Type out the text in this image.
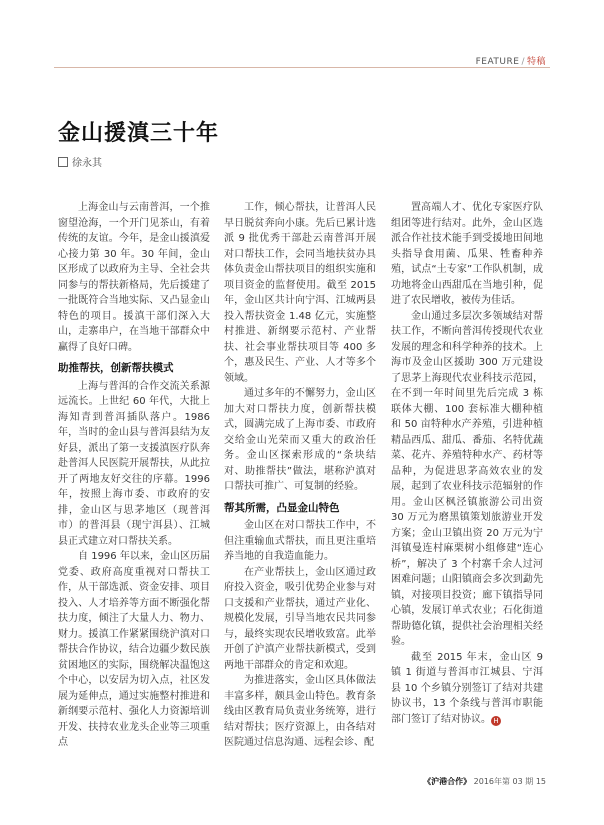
FEATURE / 特稿
金山援滇三十年
徐永其

上海金山与云南普洱，一个推窗望沧海，一个开门见茶山，有着传统的友谊。今年，是金山援滇爱心接力第 30 年。30 年间，金山区形成了以政府为主导、全社会共同参与的帮扶新格局，先后援建了一批既符合当地实际、又凸显金山特色的项目。援滇干部们深入大山，走寨串户，在当地干部群众中赢得了良好口碑。

助推帮扶，创新帮扶模式

上海与普洱的合作交流关系源远流长。上世纪 60 年代，大批上海知青到普洱插队落户。1986 年，当时的金山县与普洱县结为友好县，派出了第一支援滇医疗队奔赴普洱人民医院开展帮扶，从此拉开了两地友好交往的序幕。1996 年，按照上海市委、市政府的安排，金山区与思茅地区（现普洱市）的普洱县（现宁洱县）、江城县正式建立对口帮扶关系。

自 1996 年以来，金山区历届党委、政府高度重视对口帮扶工作，从干部选派、资金安排、项目投入、人才培养等方面不断强化帮扶力度，倾注了大量人力、物力、财力。援滇工作紧紧围绕沪滇对口帮扶合作协议，结合边疆少数民族贫困地区的实际，围绕解决温饱这个中心，以安居为切入点，社区发展为延伸点，通过实施整村推进和新纲要示范村、强化人力资源培训开发、扶持农业龙头企业等三项重点

工作，倾心帮扶，让普洱人民早日脱贫奔向小康。先后已累计选派 9 批优秀干部赴云南普洱开展对口帮扶工作，会同当地扶贫办具体负责金山帮扶项目的组织实施和项目资金的监督使用。截至 2015 年，金山区共计向宁洱、江城两县投入帮扶资金 1.48 亿元，实施整村推进、新纲要示范村、产业帮扶、社会事业帮扶项目等 400 多个，惠及民生、产业、人才等多个领域。

通过多年的不懈努力，金山区加大对口帮扶力度，创新帮扶模式，圆满完成了上海市委、市政府交给金山光荣而又重大的政治任务。金山区探索形成的“条块结对、助推帮扶”做法，堪称沪滇对口帮扶可推广、可复制的经验。

帮其所需，凸显金山特色

金山区在对口帮扶工作中，不但注重输血式帮扶，而且更注重培养当地的自我造血能力。

在产业帮扶上，金山区通过政府投入资金，吸引优势企业参与对口支援和产业帮扶，通过产业化、规模化发展，引导当地农民共同参与，最终实现农民增收致富。此举开创了沪滇产业帮扶新模式，受到两地干部群众的肯定和欢迎。

为推进落实，金山区具体做法丰富多样，颇具金山特色。教育条线由区教育局负责业务统筹，进行结对帮扶；医疗资源上，由各结对医院通过信息沟通、远程会诊、配

置高端人才、优化专家医疗队组团等进行结对。此外，金山区选派合作社技术能手到受援地田间地头指导食用菌、瓜果、牲畜种养殖，试点“土专家”工作队机制，成功地将金山西甜瓜在当地引种，促进了农民增收，被传为佳话。

金山通过多层次多领域结对帮扶工作，不断向普洱传授现代农业发展的理念和科学种养的技术。上海市及金山区援助 300 万元建设了思茅上海现代农业科技示范园，在不到一年时间里先后完成 3 栋联体大棚、100 套标准大棚种植和 50 亩特种水产养殖，引进种植精品西瓜、甜瓜、番茄、名特优蔬菜、花卉、养殖特种水产、药材等品种，为促进思茅高效农业的发展，起到了农业科技示范辐射的作用。金山区枫泾镇旅游公司出资 30 万元为磨黑镇策划旅游业开发方案；金山卫镇出资 20 万元为宁洱镇曼连村麻栗树小组修建“连心桥”，解决了 3 个村寨千余人过河困难问题；山阳镇商会多次到勐先镇，对接项目投资；廊下镇指导同心镇，发展订单式农业；石化街道帮助德化镇，提供社会治理相关经验。

截至 2015 年末，金山区 9 镇 1 街道与普洱市江城县、宁洱县 10 个乡镇分别签订了结对共建协议书，13 个条线与普洱市职能部门签订了结对协议。 H

《沪港合作》 2016年第 03 期 15
